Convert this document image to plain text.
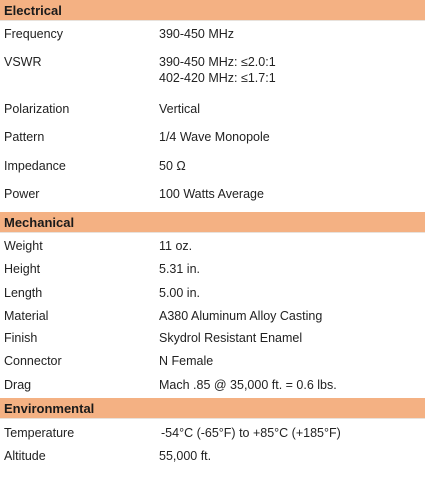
Electrical
Frequency	390-450 MHz
VSWR	390-450 MHz: ≤2.0:1
402-420 MHz: ≤1.7:1
Polarization	Vertical
Pattern	1/4 Wave Monopole
Impedance	50 Ω
Power	100 Watts Average
Mechanical
Weight	11 oz.
Height	5.31 in.
Length	5.00 in.
Material	A380 Aluminum Alloy Casting
Finish	Skydrol Resistant Enamel
Connector	N Female
Drag	Mach .85 @ 35,000 ft. = 0.6 lbs.
Environmental
Temperature	-54°C (-65°F) to +85°C (+185°F)
Altitude	55,000 ft.
